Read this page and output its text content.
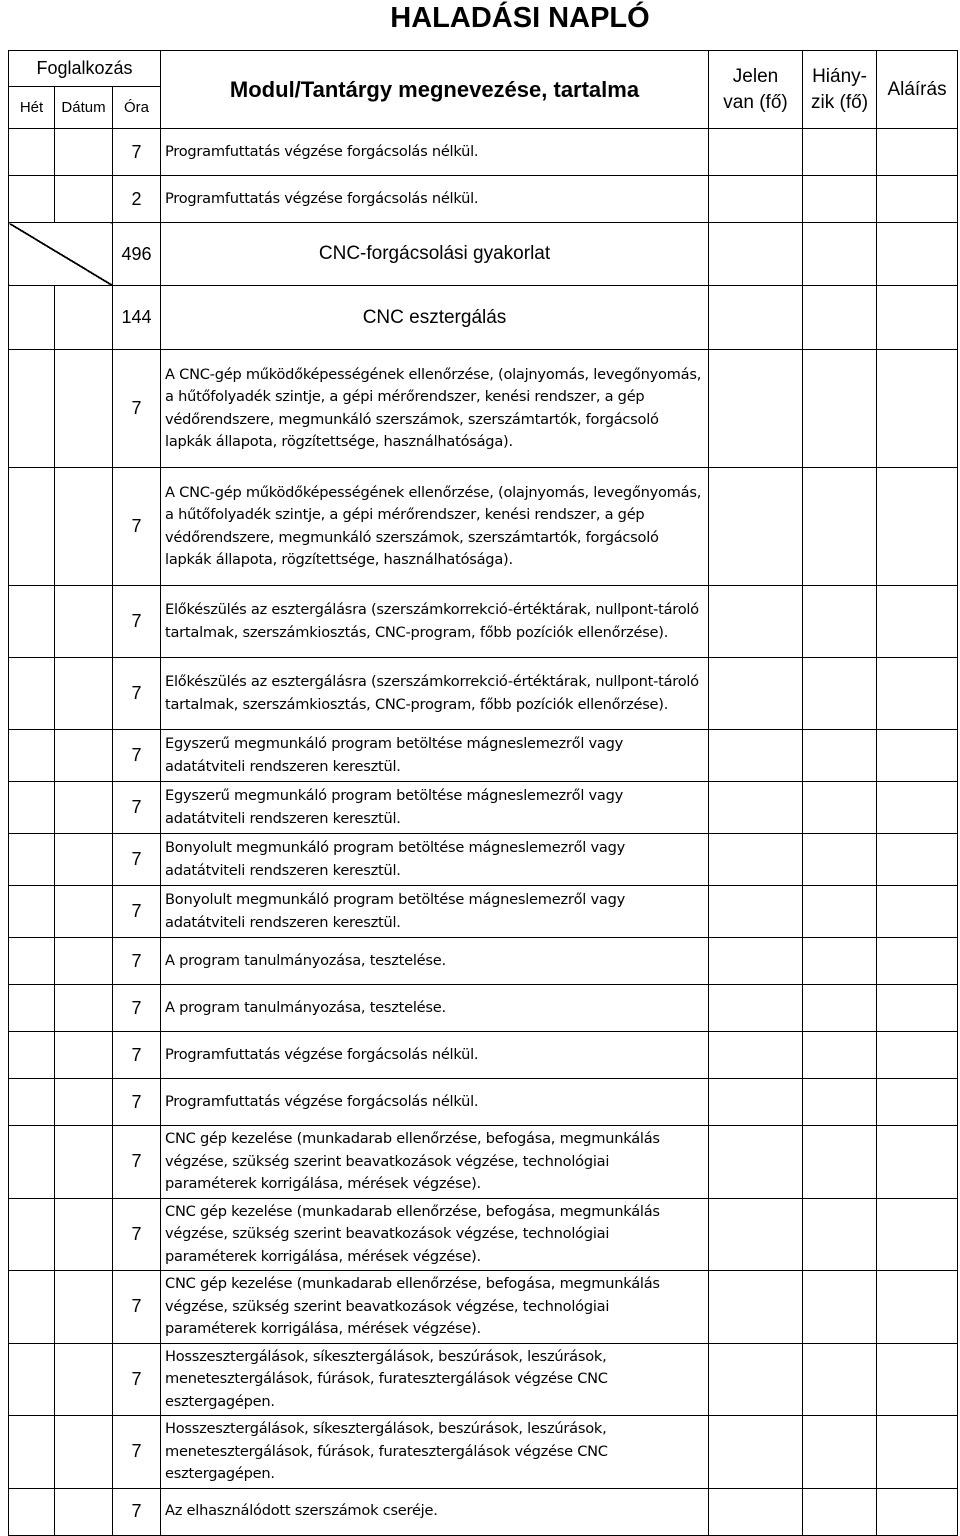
HALADÁSI NAPLÓ
Foglalkozás			Modul/Tantárgy megnevezése, tartalma	Jelen van (fő)	Hiány-zik (fő)	Aláírás
Hét	Dátum	Óra				
		7	Programfuttatás végzése forgácsolás nélkül.			
		2	Programfuttatás végzése forgácsolás nélkül.			
		496	CNC-forgácsolási gyakorlat			
		144	CNC esztergálás			
		7	A CNC-gép működőképességének ellenőrzése, (olajnyomás, levegőnyomás, a hűtőfolyadék szintje, a gépi mérőrendszer, kenési rendszer, a gép védőrendszere, megmunkáló szerszámok, szerszámtartók, forgácsoló lapkák állapota, rögzítettsége, használhatósága).			
		7	A CNC-gép működőképességének ellenőrzése, (olajnyomás, levegőnyomás, a hűtőfolyadék szintje, a gépi mérőrendszer, kenési rendszer, a gép védőrendszere, megmunkáló szerszámok, szerszámtartók, forgácsoló lapkák állapota, rögzítettsége, használhatósága).			
		7	Előkészülés az esztergálásra (szerszámkorrekció-értéktárak, nullpont-tároló tartalmak, szerszámkiosztás, CNC-program, főbb pozíciók ellenőrzése).			
		7	Előkészülés az esztergálásra (szerszámkorrekció-értéktárak, nullpont-tároló tartalmak, szerszámkiosztás, CNC-program, főbb pozíciók ellenőrzése).			
		7	Egyszerű megmunkáló program betöltése mágneslemezről vagy adatátviteli rendszeren keresztül.			
		7	Egyszerű megmunkáló program betöltése mágneslemezről vagy adatátviteli rendszeren keresztül.			
		7	Bonyolult megmunkáló program betöltése mágneslemezről vagy adatátviteli rendszeren keresztül.			
		7	Bonyolult megmunkáló program betöltése mágneslemezről vagy adatátviteli rendszeren keresztül.			
		7	A program tanulmányozása, tesztelése.			
		7	A program tanulmányozása, tesztelése.			
		7	Programfuttatás végzése forgácsolás nélkül.			
		7	Programfuttatás végzése forgácsolás nélkül.			
		7	CNC gép kezelése (munkadarab ellenőrzése, befogása, megmunkálás végzése, szükség szerint beavatkozások végzése, technológiai paraméterek korrigálása, mérések végzése).			
		7	CNC gép kezelése (munkadarab ellenőrzése, befogása, megmunkálás végzése, szükség szerint beavatkozások végzése, technológiai paraméterek korrigálása, mérések végzése).			
		7	CNC gép kezelése (munkadarab ellenőrzése, befogása, megmunkálás végzése, szükség szerint beavatkozások végzése, technológiai paraméterek korrigálása, mérések végzése).			
		7	Hosszesztergálások, síkesztergálások, beszúrások, leszúrások, menetesztergálások, fúrások, furatesztergálások végzése CNC esztergagépen.			
		7	Hosszesztergálások, síkesztergálások, beszúrások, leszúrások, menetesztergálások, fúrások, furatesztergálások végzése CNC esztergagépen.			
		7	Az elhasználódott szerszámok cseréje.			
